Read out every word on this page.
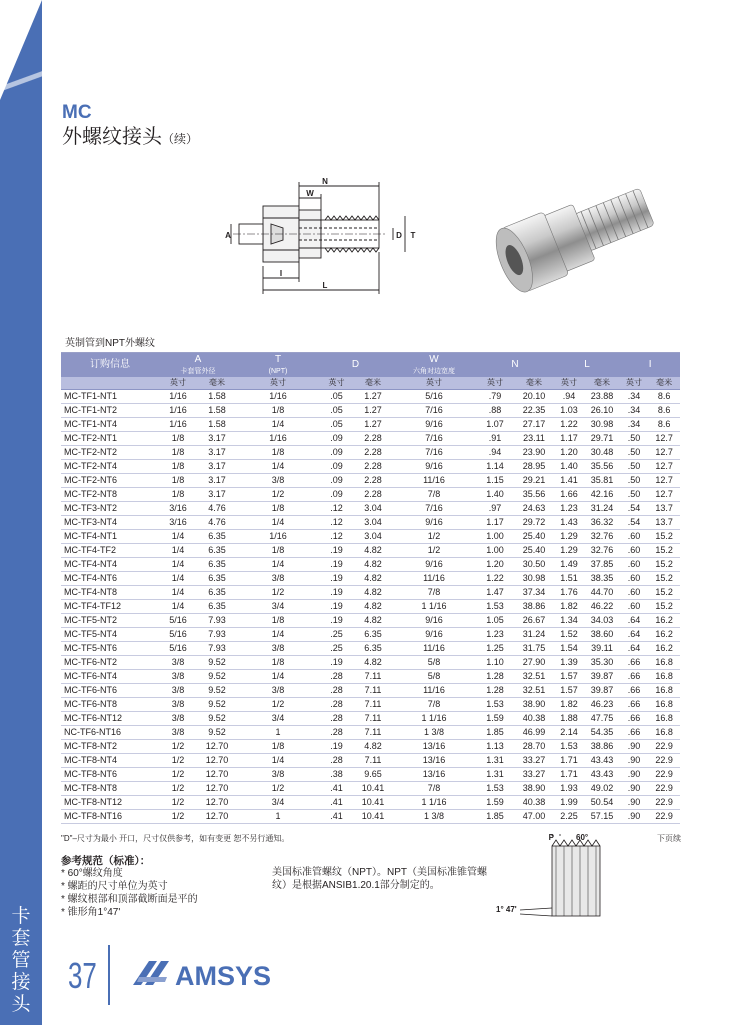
卡
套
管
接
头
MC
外螺纹接头（续）
N
W
A	D T
I
L
英制管到NPT外螺纹												
订购信息	A		T	D		W	N		L		I	
	卡套管外径		(NPT)			六角对边宽度						
	英寸	毫米	英寸	英寸	毫米	英寸	英寸	毫米	英寸	毫米	英寸	毫米
MC-TF1-NT1	1/16	1.58	1/16	.05	1.27	5/16	.79	20.10	.94	23.88	.34	8.6
MC-TF1-NT2	1/16	1.58	1/8	.05	1.27	7/16	.88	22.35	1.03	26.10	.34	8.6
MC-TF1-NT4	1/16	1.58	1/4	.05	1.27	9/16	1.07	27.17	1.22	30.98	.34	8.6
MC-TF2-NT1	1/8	3.17	1/16	.09	2.28	7/16	.91	23.11	1.17	29.71	.50	12.7
MC-TF2-NT2	1/8	3.17	1/8	.09	2.28	7/16	.94	23.90	1.20	30.48	.50	12.7
MC-TF2-NT4	1/8	3.17	1/4	.09	2.28	9/16	1.14	28.95	1.40	35.56	.50	12.7
MC-TF2-NT6	1/8	3.17	3/8	.09	2.28	11/16	1.15	29.21	1.41	35.81	.50	12.7
MC-TF2-NT8	1/8	3.17	1/2	.09	2.28	7/8	1.40	35.56	1.66	42.16	.50	12.7
MC-TF3-NT2	3/16	4.76	1/8	.12	3.04	7/16	.97	24.63	1.23	31.24	.54	13.7
MC-TF3-NT4	3/16	4.76	1/4	.12	3.04	9/16	1.17	29.72	1.43	36.32	.54	13.7
MC-TF4-NT1	1/4	6.35	1/16	.12	3.04	1/2	1.00	25.40	1.29	32.76	.60	15.2
MC-TF4-TF2	1/4	6.35	1/8	.19	4.82	1/2	1.00	25.40	1.29	32.76	.60	15.2
MC-TF4-NT4	1/4	6.35	1/4	.19	4.82	9/16	1.20	30.50	1.49	37.85	.60	15.2
MC-TF4-NT6	1/4	6.35	3/8	.19	4.82	11/16	1.22	30.98	1.51	38.35	.60	15.2
MC-TF4-NT8	1/4	6.35	1/2	.19	4.82	7/8	1.47	37.34	1.76	44.70	.60	15.2
MC-TF4-TF12	1/4	6.35	3/4	.19	4.82	1 1/16	1.53	38.86	1.82	46.22	.60	15.2
MC-TF5-NT2	5/16	7.93	1/8	.19	4.82	9/16	1.05	26.67	1.34	34.03	.64	16.2
MC-TF5-NT4	5/16	7.93	1/4	.25	6.35	9/16	1.23	31.24	1.52	38.60	.64	16.2
MC-TF5-NT6	5/16	7.93	3/8	.25	6.35	11/16	1.25	31.75	1.54	39.11	.64	16.2
MC-TF6-NT2	3/8	9.52	1/8	.19	4.82	5/8	1.10	27.90	1.39	35.30	.66	16.8
MC-TF6-NT4	3/8	9.52	1/4	.28	7.11	5/8	1.28	32.51	1.57	39.87	.66	16.8
MC-TF6-NT6	3/8	9.52	3/8	.28	7.11	11/16	1.28	32.51	1.57	39.87	.66	16.8
MC-TF6-NT8	3/8	9.52	1/2	.28	7.11	7/8	1.53	38.90	1.82	46.23	.66	16.8
MC-TF6-NT12	3/8	9.52	3/4	.28	7.11	1 1/16	1.59	40.38	1.88	47.75	.66	16.8
NC-TF6-NT16	3/8	9.52	1	.28	7.11	1 3/8	1.85	46.99	2.14	54.35	.66	16.8
MC-TF8-NT2	1/2	12.70	1/8	.19	4.82	13/16	1.13	28.70	1.53	38.86	.90	22.9
MC-TF8-NT4	1/2	12.70	1/4	.28	7.11	13/16	1.31	33.27	1.71	43.43	.90	22.9
MC-TF8-NT6	1/2	12.70	3/8	.38	9.65	13/16	1.31	33.27	1.71	43.43	.90	22.9
MC-TF8-NT8	1/2	12.70	1/2	.41	10.41	7/8	1.53	38.90	1.93	49.02	.90	22.9
MC-TF8-NT12	1/2	12.70	3/4	.41	10.41	1 1/16	1.59	40.38	1.99	50.54	.90	22.9
MC-TF8-NT16	1/2	12.70	1	.41	10.41	1 3/8	1.85	47.00	2.25	57.15	.90	22.9
"D"–尺寸为最小 开口，尺寸仅供参考，如有变更 恕不另行通知。	下页续
参考规范（标准）：
* 60°螺纹角度
* 螺距的尺寸单位为英寸
* 螺纹根部和顶部截断面是平的
* 锥形角1°47'
美国标准管螺纹（NPT）。NPT（美国标准锥管螺纹）是根据ANSIB1.20.1部分制定的。
P	60°
1° 47'
37	AMSYS
